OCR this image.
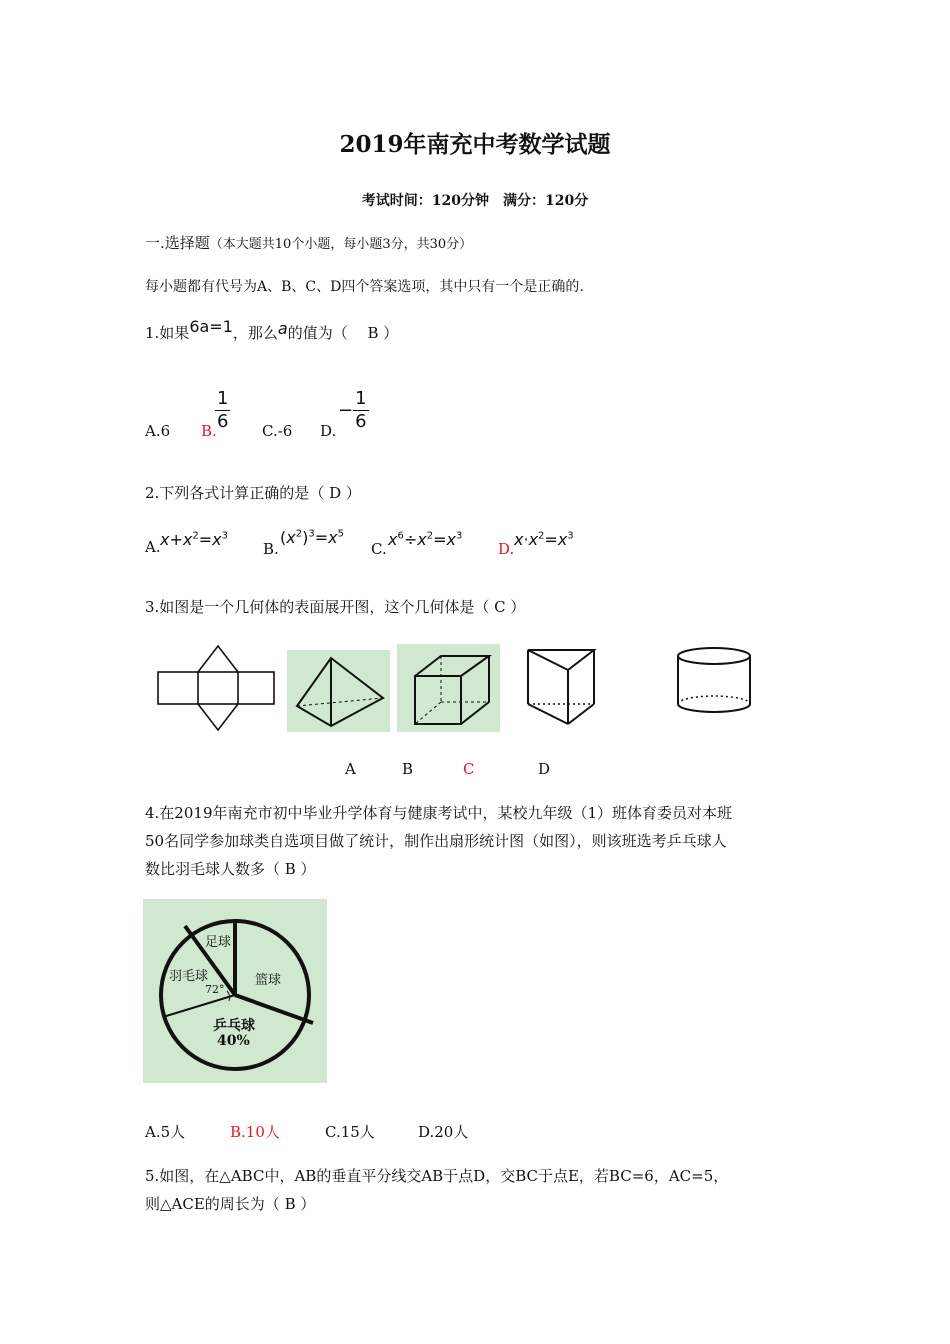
2019年南充中考数学试题
考试时间：120分钟　满分：120分
一.选择题（本大题共10个小题，每小题3分，共30分）
每小题都有代号为A、B、C、D四个答案选项，其中只有一个是正确的.
1.如果6a=1，那么a的值为（　 B ）
A.6 B.
$\frac{1}{6} C.-6$ D.
− $\frac{1}{6}$
2.下列各式计算正确的是（ D ）
A. $x+x^2=x^3$
B.
$(x^2)^3=x^5$
C. $x^6\div x^2=x^3$
D. $x\cdot x^2=x^3$
3.如图是一个几何体的表面展开图，这个几何体是（ C ）
A	B	C	D
4.在2019年南充市初中毕业升学体育与健康考试中，某校九年级（1）班体育委员对本班
50名同学参加球类自选项目做了统计，制作出扇形统计图（如图），则该班选考乒乓球人
数比羽毛球人数多（ B ）
足球
篮球
羽毛球
72°
乒乓球
40%
A.5人	B.10人	C.15人	D.20人
5.如图，在△ABC中，AB的垂直平分线交AB于点D，交BC于点E，若BC=6，AC=5，
则△ACE的周长为（ B ）
